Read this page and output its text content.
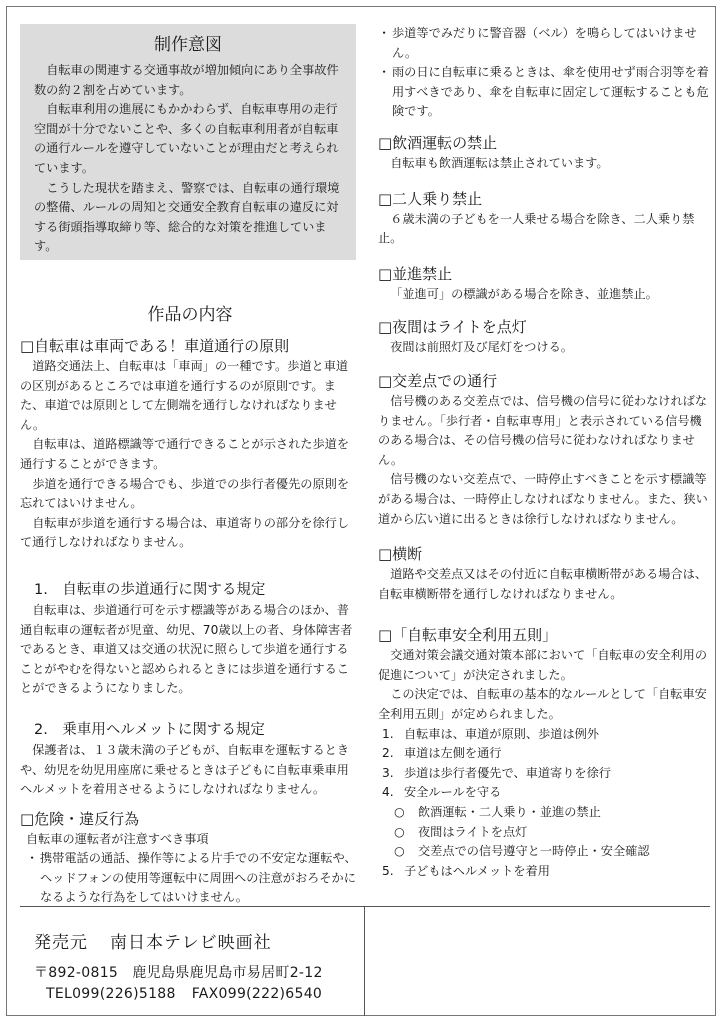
制作意図

自転車の関連する交通事故が増加傾向にあり全事故件数の約２割を占めています。

自転車利用の進展にもかかわらず、自転車専用の走行空間が十分でないことや、多くの自転車利用者が自転車の通行ルールを遵守していないことが理由だと考えられています。

こうした現状を踏まえ、警察では、自転車の通行環境の整備、ルールの周知と交通安全教育自転車の違反に対する街頭指導取締り等、総合的な対策を推進しています。

作品の内容

□自転車は車両である！車道通行の原則

道路交通法上、自転車は「車両」の一種です。歩道と車道の区別があるところでは車道を通行するのが原則です。また、車道では原則として左側端を通行しなければなりません。

自転車は、道路標識等で通行できることが示された歩道を通行することができます。

歩道を通行できる場合でも、歩道での歩行者優先の原則を忘れてはいけません。

自転車が歩道を通行する場合は、車道寄りの部分を徐行して通行しなければなりません。

1.　自転車の歩道通行に関する規定

自転車は、歩道通行可を示す標識等がある場合のほか、普通自転車の運転者が児童、幼児、70歳以上の者、身体障害者であるとき、車道又は交通の状況に照らして歩道を通行することがやむを得ないと認められるときには歩道を通行することができるようになりました。

2.　乗車用ヘルメットに関する規定

保護者は、１３歳未満の子どもが、自転車を運転するときや、幼児を幼児用座席に乗せるときは子どもに自転車乗車用ヘルメットを着用させるようにしなければなりません。

□危険・違反行為

自転車の運転者が注意すべき事項

・ 携帯電話の通話、操作等による片手での不安定な運転や、ヘッドフォンの使用等運転中に周囲への注意がおろそかになるような行為をしてはいけません。
・ 歩道等でみだりに警音器（ベル）を鳴らしてはいけません。
・ 雨の日に自転車に乗るときは、傘を使用せず雨合羽等を着用すべきであり、傘を自転車に固定して運転することも危険です。

□飲酒運転の禁止

自転車も飲酒運転は禁止されています。

□二人乗り禁止

６歳未満の子どもを一人乗せる場合を除き、二人乗り禁止。

□並進禁止

「並進可」の標識がある場合を除き、並進禁止。

□夜間はライトを点灯

夜間は前照灯及び尾灯をつける。

□交差点での通行

信号機のある交差点では、信号機の信号に従わなければなりません。「歩行者・自転車専用」と表示されている信号機のある場合は、その信号機の信号に従わなければなりません。

信号機のない交差点で、一時停止すべきことを示す標識等がある場合は、一時停止しなければなりません。また、狭い道から広い道に出るときは徐行しなければなりません。

□横断

道路や交差点又はその付近に自転車横断帯がある場合は、自転車横断帯を通行しなければなりません。

□「自転車安全利用五則」

交通対策会議交通対策本部において「自転車の安全利用の促進について」が決定されました。

この決定では、自転車の基本的なルールとして「自転車安全利用五則」が定められました。

1. 自転車は、車道が原則、歩道は例外
2. 車道は左側を通行
3. 歩道は歩行者優先で、車道寄りを徐行
4. 安全ルールを守る
○	飲酒運転・二人乗り・並進の禁止
○	夜間はライトを点灯
○	交差点での信号遵守と一時停止・安全確認
5. 子どもはヘルメットを着用
発売元 南日本テレビ映画社
〒892-0815　鹿児島県鹿児島市易居町2-12
TEL099(226)5188 FAX099(222)6540
